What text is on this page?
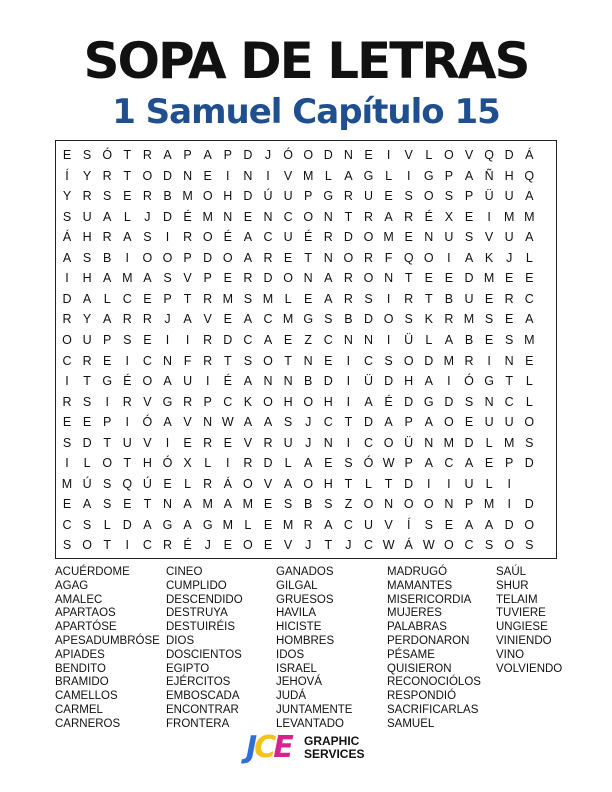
SOPA DE LETRAS
1 Samuel Capítulo 15
E S Ó T R A P A P D J Ó O D N E	I	V L O V Q D Á
Í	Y R T O D N E	I	N	I	V M L A G L	I	G P A Ñ H Q
Y R S E R B M O H D Ú U P G R U E S O S P Ü U A
S U A L	J D É M N E N C O N T R A R É X E	I	M M
Á H R A S	I	R O É A C U É R D O M E N U S V U A
A S B	I	O O P D O A R E T N O R F Q O	I	A K	J	L
I	H A M A S V P E R D O N A R O N T E E D M E E
D A L C E P T R M S M L E A R S	I	R T B U E R C
R Y A R R J	A V E A C M G S B D O S K R M S E A
O U P S E	I	I	R D C A E Z C N N	I	Ü L A B E S M
C R E	I	C N F R T S O T N E	I	C S O D M R	I	N E
I	T G É O A U	I	É A N N B D	I	Ü D H A	I	Ó G T	L
R S	I	R V G R P C K O H O H	I	A É D G D S N C L
E E P	I	Ó A V N W A A S	J C T D A P A O E U U O
S D T U V	I	E R E V R U J N	I	C O Ü N M D L M S
I	L O T H Ó X L	I	R D L A E S Ó W P A C A E P D
M Ú S Q Ú E L R Á O V A O H T	L	T D	I	I	U L	I
E A S E T N A M A M E S B S Z O N O O N P M	I	D
C S L D A G A G M L E M R A C U V	Í	S E A A D O
S O T	I	C R É	J	E O E V	J	T	J C W Á W O C S O S
ACUÉRDOME
AGAG
AMALEC
APARTAOS
APARTÓSE
APESADUMBRÓSE
APIADES
BENDITO
BRAMIDO
CAMELLOS
CARMEL
CARNEROS
CINEO
CUMPLIDO
DESCENDIDO
DESTRUYA
DESTUIRÉIS
DIOS
DOSCIENTOS
EGIPTO
EJÉRCITOS
EMBOSCADA
ENCONTRAR
FRONTERA
GANADOS
GILGAL
GRUESOS
HAVILA
HICISTE
HOMBRES
IDOS
ISRAEL
JEHOVÁ
JUDÁ
JUNTAMENTE
LEVANTADO
MADRUGÓ
MAMANTES
MISERICORDIA
MUJERES
PALABRAS
PERDONARON
PÉSAME
QUISIERON
RECONOCIÓLOS
RESPONDIÓ
SACRIFICARLAS
SAMUEL
SAÚL
SHUR
TELAIM
TUVIERE
UNGIESE
VINIENDO
VINO
VOLVIENDO
JCE GRAPHIC
SERVICES
